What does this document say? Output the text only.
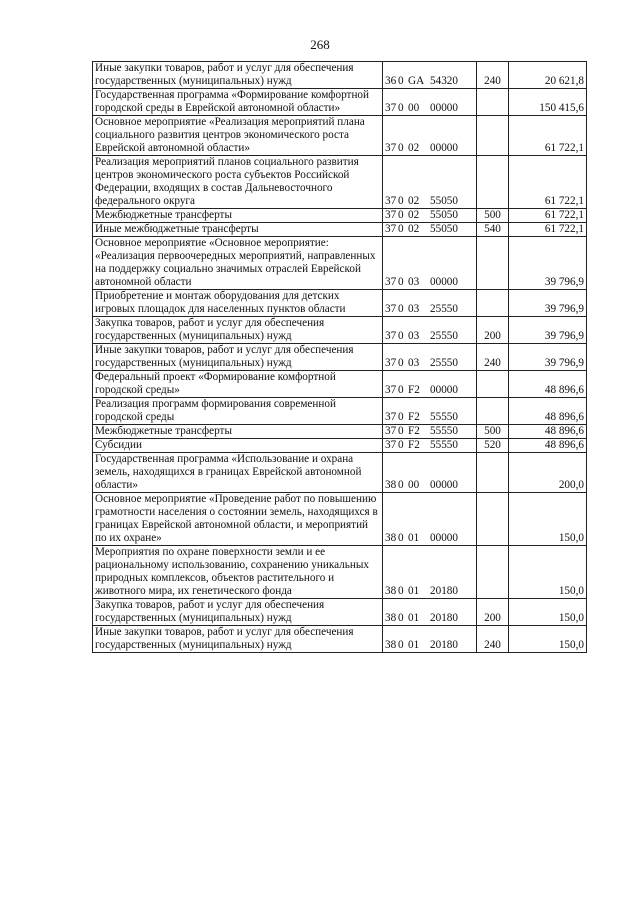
268
Иные закупки товаров, работ и услуг для обеспечения государственных (муниципальных) нужд	36 0 GA 54320	240	20 621,8
Государственная программа «Формирование комфортной городской среды в Еврейской автономной области»	37 0 00 00000		150 415,6
Основное мероприятие «Реализация мероприятий плана социального развития центров экономического роста Еврейской автономной области»	37 0 02 00000		61 722,1
Реализация мероприятий планов социального развития центров экономического роста субъектов Российской Федерации, входящих в состав Дальневосточного федерального округа	37 0 02 55050		61 722,1
Межбюджетные трансферты	37 0 02 55050	500	61 722,1
Иные межбюджетные трансферты	37 0 02 55050	540	61 722,1
Основное мероприятие «Основное мероприятие: «Реализация первоочередных мероприятий, направленных на поддержку социально значимых отраслей Еврейской автономной области	37 0 03 00000		39 796,9
Приобретение и монтаж оборудования для детских игровых площадок для населенных пунктов области	37 0 03 25550		39 796,9
Закупка товаров, работ и услуг для обеспечения государственных (муниципальных) нужд	37 0 03 25550	200	39 796,9
Иные закупки товаров, работ и услуг для обеспечения государственных (муниципальных) нужд	37 0 03 25550	240	39 796,9
Федеральный проект «Формирование комфортной городской среды»	37 0 F2 00000		48 896,6
Реализация программ формирования современной городской среды	37 0 F2 55550		48 896,6
Межбюджетные трансферты	37 0 F2 55550	500	48 896,6
Субсидии	37 0 F2 55550	520	48 896,6
Государственная программа «Использование и охрана земель, находящихся в границах Еврейской автономной области»	38 0 00 00000		200,0
Основное мероприятие «Проведение работ по повышению грамотности населения о состоянии земель, находящихся в границах Еврейской автономной области, и мероприятий по их охране»	38 0 01 00000		150,0
Мероприятия по охране поверхности земли и ее рациональному использованию, сохранению уникальных природных комплексов, объектов растительного и животного мира, их генетического фонда	38 0 01 20180		150,0
Закупка товаров, работ и услуг для обеспечения государственных (муниципальных) нужд	38 0 01 20180	200	150,0
Иные закупки товаров, работ и услуг для обеспечения государственных (муниципальных) нужд	38 0 01 20180	240	150,0
